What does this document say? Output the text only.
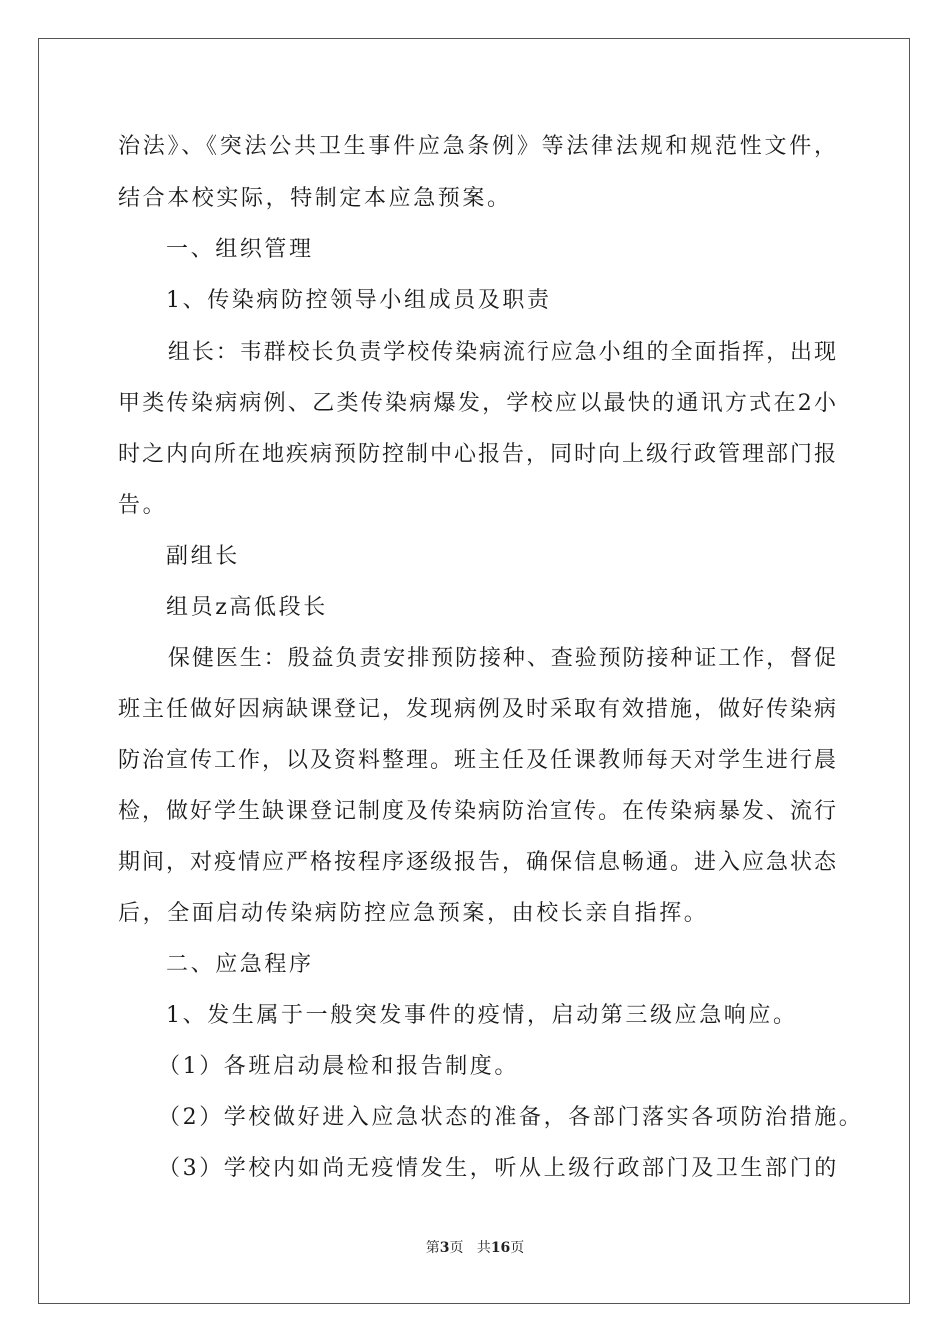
治法》、《突法公共卫生事件应急条例》等法律法规和规范性文件，
结合本校实际，特制定本应急预案。
一、组织管理
1、传染病防控领导小组成员及职责
组长：韦群校长负责学校传染病流行应急小组的全面指挥，出现
甲类传染病病例、乙类传染病爆发，学校应以最快的通讯方式在2小
时之内向所在地疾病预防控制中心报告，同时向上级行政管理部门报
告。
副组长
组员z高低段长
保健医生：殷益负责安排预防接种、查验预防接种证工作，督促
班主任做好因病缺课登记，发现病例及时采取有效措施，做好传染病
防治宣传工作，以及资料整理。班主任及任课教师每天对学生进行晨
检，做好学生缺课登记制度及传染病防治宣传。在传染病暴发、流行
期间，对疫情应严格按程序逐级报告，确保信息畅通。进入应急状态
后，全面启动传染病防控应急预案，由校长亲自指挥。
二、应急程序
1、发生属于一般突发事件的疫情，启动第三级应急响应。
（1）各班启动晨检和报告制度。
（2）学校做好进入应急状态的准备，各部门落实各项防治措施。
（3）学校内如尚无疫情发生，听从上级行政部门及卫生部门的
第3页 共16页
